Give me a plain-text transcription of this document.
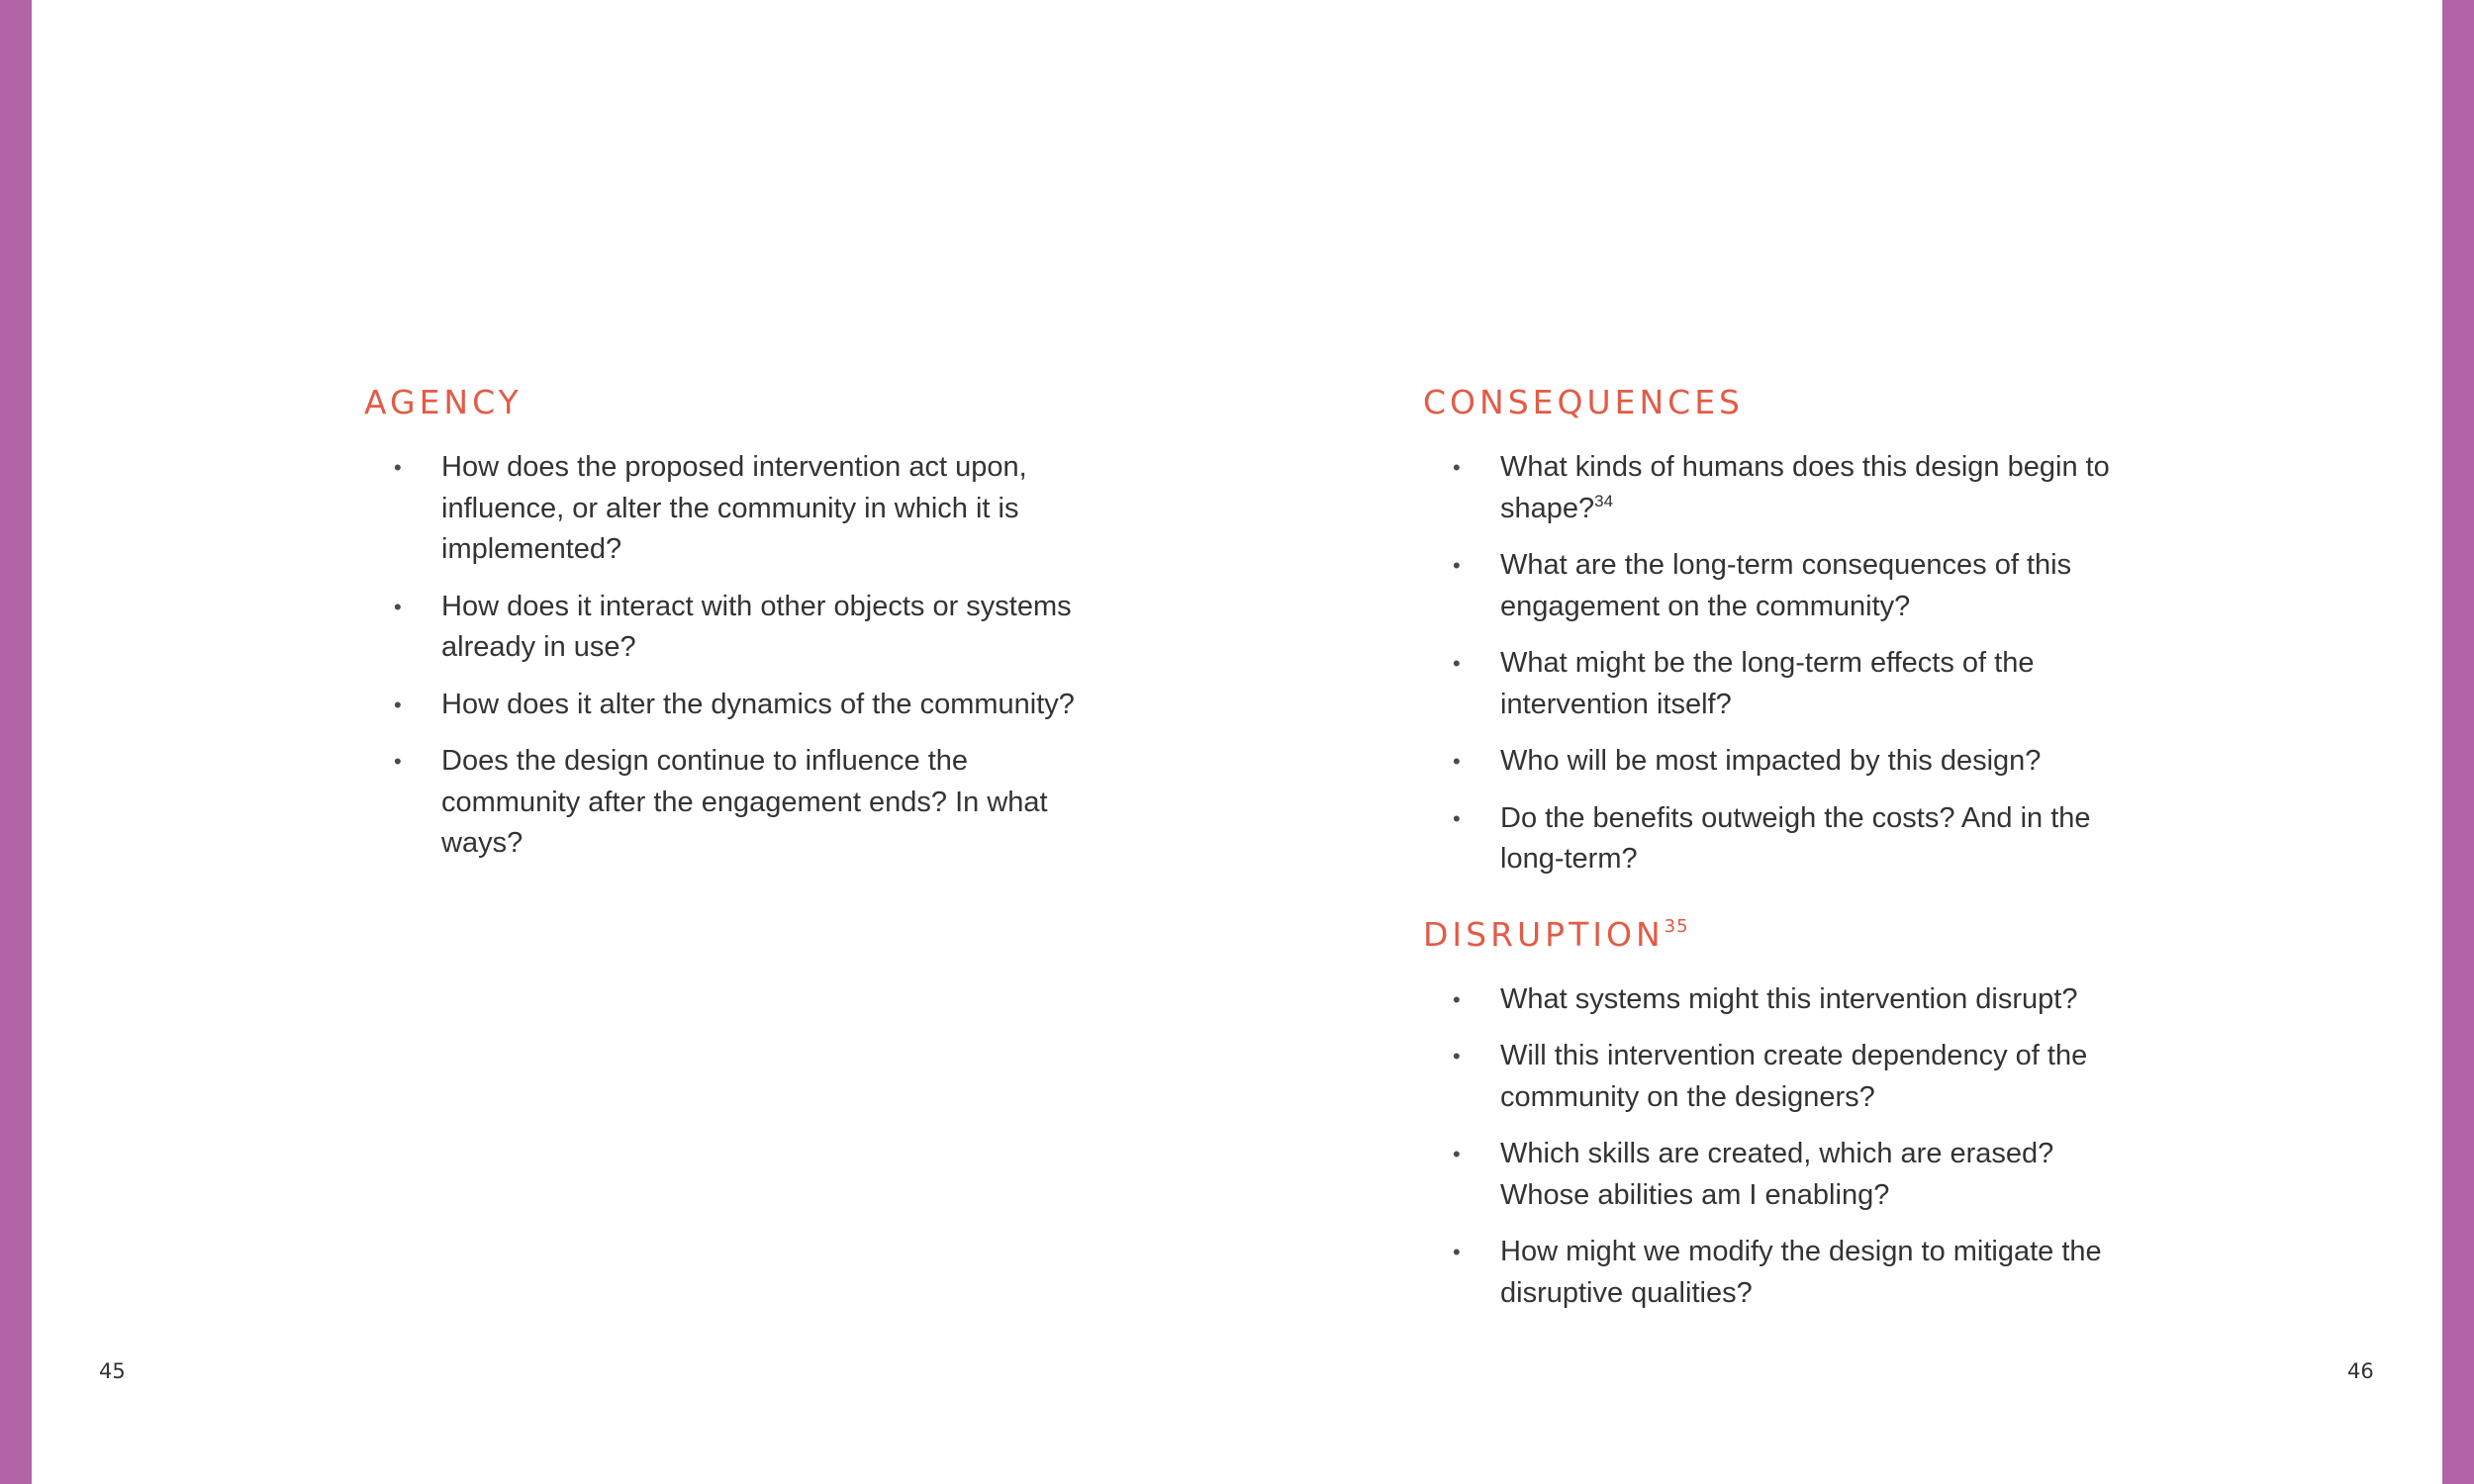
AGENCY
• How does the proposed intervention act upon, influence, or alter the community in which it is implemented?
• How does it interact with other objects or systems already in use?
• How does it alter the dynamics of the community?
• Does the design continue to influence the community after the engagement ends? In what ways?
CONSEQUENCES
• What kinds of humans does this design begin to shape?$^{34}$
• What are the long-term consequences of this engagement on the community?
• What might be the long-term effects of the intervention itself?
• Who will be most impacted by this design?
• Do the benefits outweigh the costs? And in the long-term?
DISRUPTION$^{35}$
• What systems might this intervention disrupt?
• Will this intervention create dependency of the community on the designers?
• Which skills are created, which are erased? Whose abilities am I enabling?
• How might we modify the design to mitigate the disruptive qualities?
45	46
